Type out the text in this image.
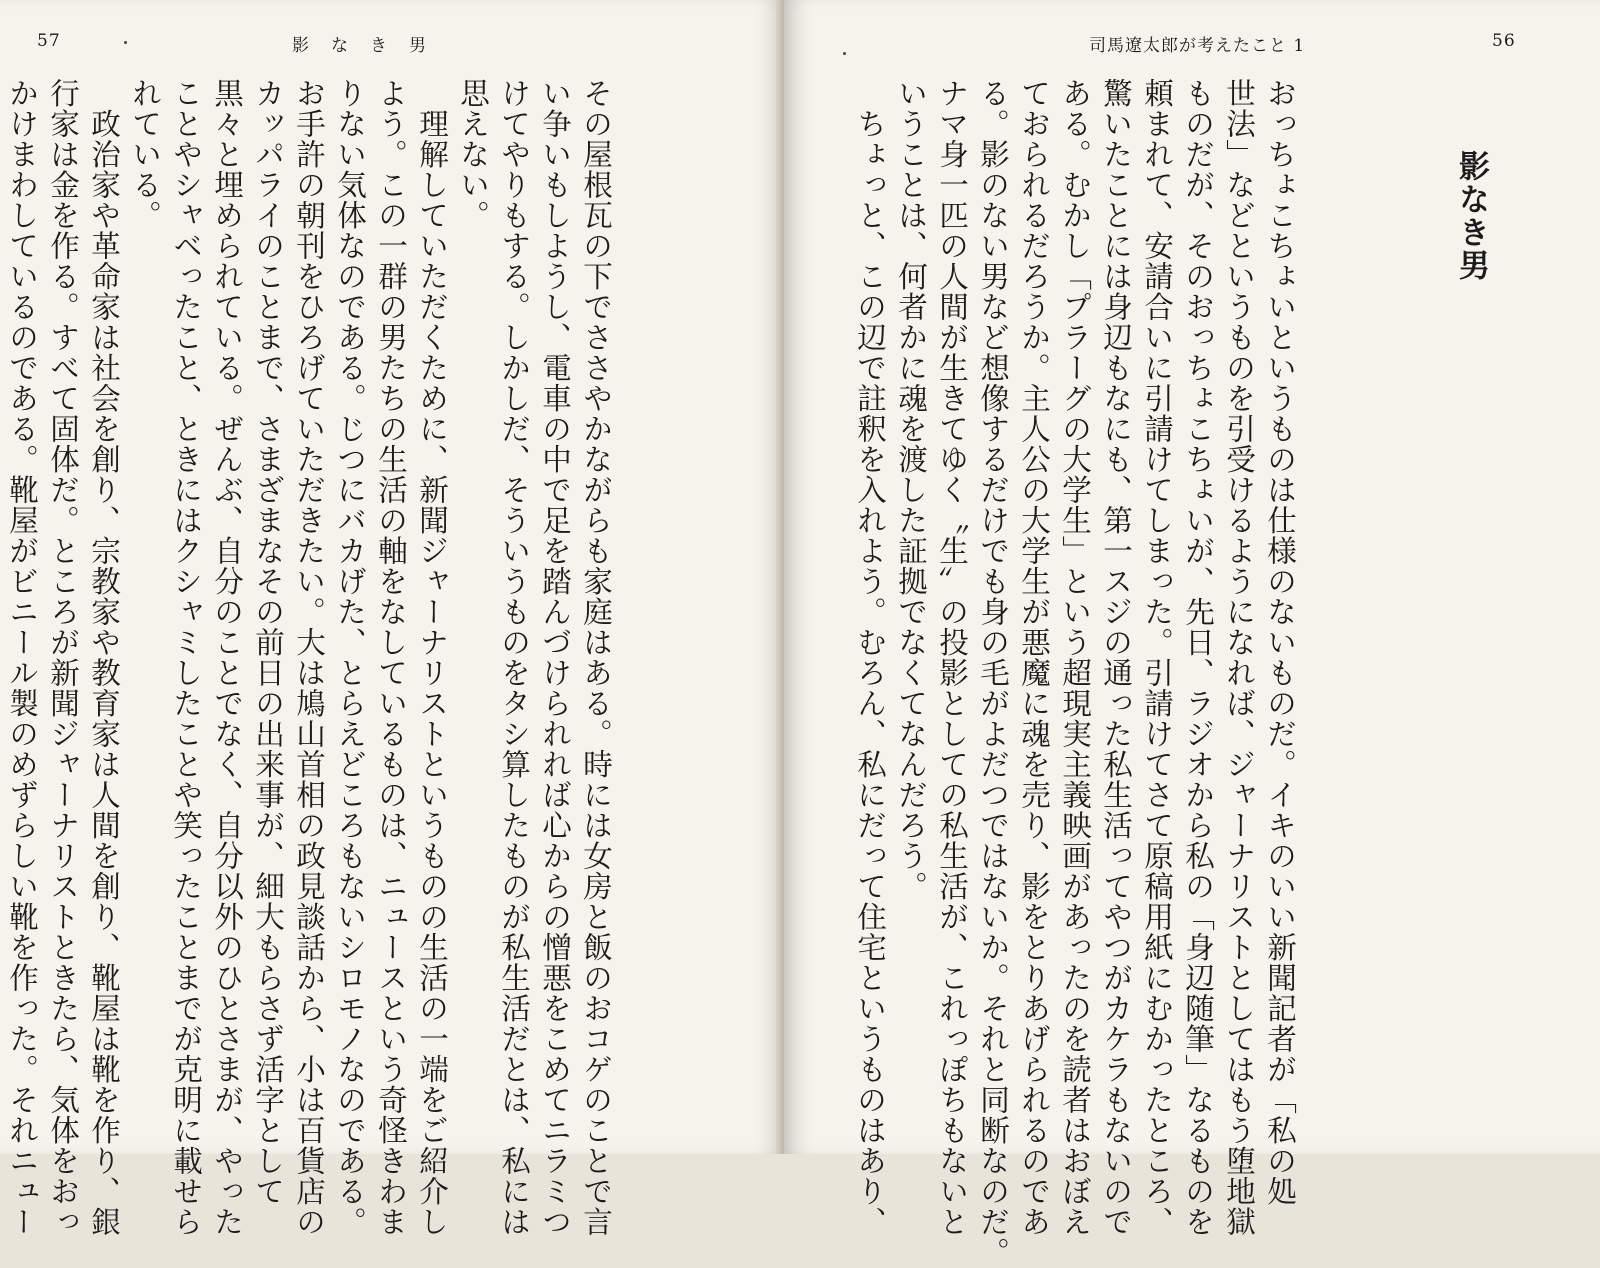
57	影なき男
その屋根瓦の下でささやかながらも家庭はある。時には女房と飯のおコゲのことで言
い争いもしようし、電車の中で足を踏んづけられれば心からの憎悪をこめてニラミつ
けてやりもする。しかしだ、そういうものをタシ算したものが私生活だとは、私には
思えない。
　理解していただくために、新聞ジャーナリストというものの生活の一端をご紹介し
よう。この一群の男たちの生活の軸をなしているものは、ニュースという奇怪きわま
りない気体なのである。じつにバカげた、とらえどころもないシロモノなのである。
お手許の朝刊をひろげていただきたい。大は鳩山首相の政見談話から、小は百貨店の
カッパライのことまで、さまざまなその前日の出来事が、細大もらさず活字として
黒々と埋められている。ぜんぶ、自分のことでなく、自分以外のひとさまが、やった
ことやシャベったこと、ときにはクシャミしたことや笑ったことまでが克明に載せら
れている。
　政治家や革命家は社会を創り、宗教家や教育家は人間を創り、靴屋は靴を作り、銀
行家は金を作る。すべて固体だ。ところが新聞ジャーナリストときたら、気体をおっ
かけまわしているのである。靴屋がビニール製のめずらしい靴を作った。それニュー
司馬遼太郎が考えたこと 1	56
影なき男
おっちょこちょいというものは仕様のないものだ。イキのいい新聞記者が「私の処
世法」などというものを引受けるようになれば、ジャーナリストとしてはもう堕地獄
ものだが、そのおっちょこちょいが、先日、ラジオから私の「身辺随筆」なるものを
頼まれて、安請合いに引請けてしまった。引請けてさて原稿用紙にむかったところ、
驚いたことには身辺もなにも、第一スジの通った私生活ってやつがカケラもないので
ある。むかし「プラーグの大学生」という超現実主義映画があったのを読者はおぼえ
ておられるだろうか。主人公の大学生が悪魔に魂を売り、影をとりあげられるのであ
る。影のない男など想像するだけでも身の毛がよだつではないか。それと同断なのだ。
ナマ身一匹の人間が生きてゆく〝生〟の投影としての私生活が、これっぽちもないと
いうことは、何者かに魂を渡した証拠でなくてなんだろう。
　ちょっと、この辺で註釈を入れよう。むろん、私にだって住宅というものはあり、
